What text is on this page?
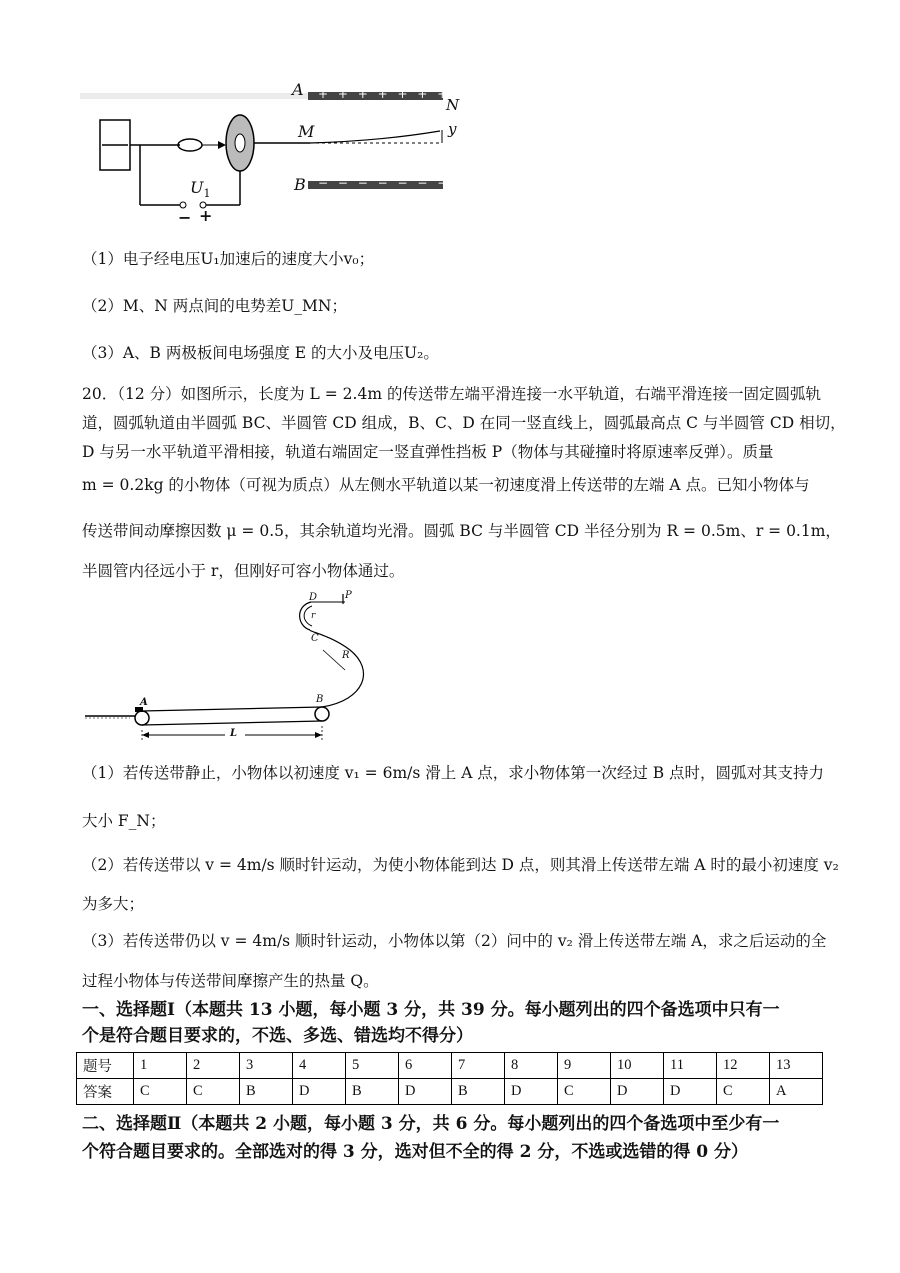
A + + + + + + + +
N
y
M
B − − − − − − − −
$U_1$
− +
（1）电子经电压U₁加速后的速度大小v₀；
（2）M、N 两点间的电势差U_MN；
（3）A、B 两极板间电场强度 E 的大小及电压U₂。
20．（12 分）如图所示，长度为 L = 2.4m 的传送带左端平滑连接一水平轨道，右端平滑连接一固定圆弧轨
道，圆弧轨道由半圆弧 BC、半圆管 CD 组成，B、C、D 在同一竖直线上，圆弧最高点 C 与半圆管 CD 相切，
D 与另一水平轨道平滑相接，轨道右端固定一竖直弹性挡板 P（物体与其碰撞时将原速率反弹）。质量
m = 0.2kg 的小物体（可视为质点）从左侧水平轨道以某一初速度滑上传送带的左端 A 点。已知小物体与
传送带间动摩擦因数 μ = 0.5，其余轨道均光滑。圆弧 BC 与半圆管 CD 半径分别为 R = 0.5m、r = 0.1m，
半圆管内径远小于 r，但刚好可容小物体通过。
D	P
r
C
R
B
A
L
（1）若传送带静止，小物体以初速度 v₁ = 6m/s 滑上 A 点，求小物体第一次经过 B 点时，圆弧对其支持力
大小 F_N；
（2）若传送带以 v = 4m/s 顺时针运动，为使小物体能到达 D 点，则其滑上传送带左端 A 时的最小初速度 v₂
为多大；
（3）若传送带仍以 v = 4m/s 顺时针运动，小物体以第（2）问中的 v₂ 滑上传送带左端 A，求之后运动的全
过程小物体与传送带间摩擦产生的热量 Q。
一、选择题Ⅰ（本题共 13 小题，每小题 3 分，共 39 分。每小题列出的四个备选项中只有一
个是符合题目要求的，不选、多选、错选均不得分）
题号	1	2	3	4	5	6	7	8	9	10	11	12	13
答案	C	C	B	D	B	D	B	D	C	D	D	C	A
二、选择题Ⅱ（本题共 2 小题，每小题 3 分，共 6 分。每小题列出的四个备选项中至少有一
个符合题目要求的。全部选对的得 3 分，选对但不全的得 2 分，不选或选错的得 0 分）
